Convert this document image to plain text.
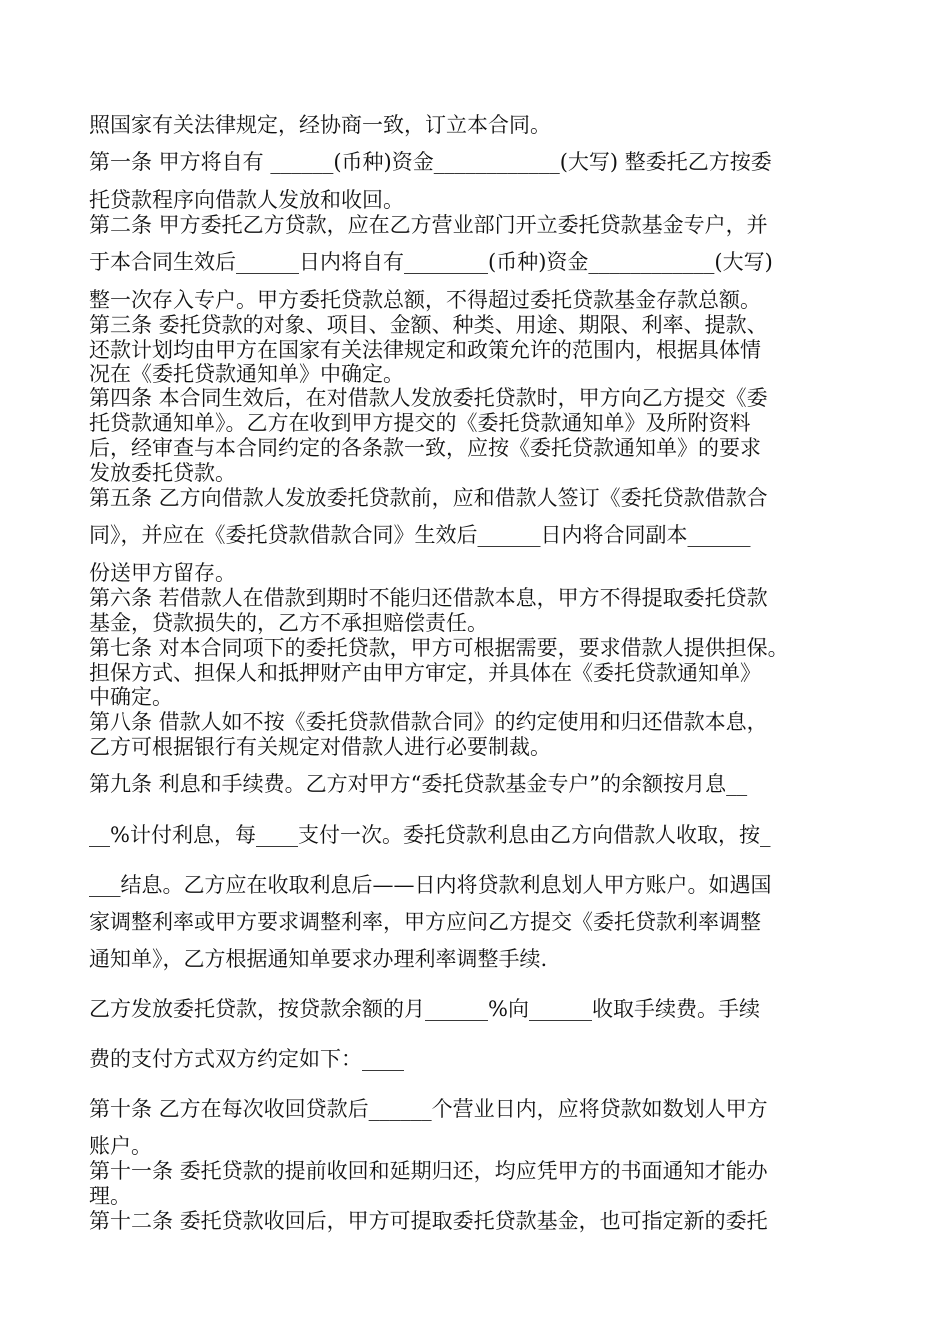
照国家有关法律规定，经协商一致，订立本合同。
第一条 甲方将自有 ______(币种)资金____________(大写) 整委托乙方按委
托贷款程序向借款人发放和收回。
第二条 甲方委托乙方贷款，应在乙方营业部门开立委托贷款基金专户，并
于本合同生效后______日内将自有________(币种)资金____________(大写)
整一次存入专户。甲方委托贷款总额，不得超过委托贷款基金存款总额。
第三条 委托贷款的对象、项目、金额、种类、用途、期限、利率、提款、
还款计划均由甲方在国家有关法律规定和政策允许的范围内，根据具体情
况在《委托贷款通知单》中确定。
第四条 本合同生效后，在对借款人发放委托贷款时，甲方向乙方提交《委
托贷款通知单》。乙方在收到甲方提交的《委托贷款通知单》及所附资料
后，经审查与本合同约定的各条款一致，应按《委托贷款通知单》的要求
发放委托贷款。
第五条 乙方向借款人发放委托贷款前，应和借款人签订《委托贷款借款合
同》，并应在《委托贷款借款合同》生效后______日内将合同副本______
份送甲方留存。
第六条 若借款人在借款到期时不能归还借款本息，甲方不得提取委托贷款
基金，贷款损失的，乙方不承担赔偿责任。
第七条 对本合同项下的委托贷款，甲方可根据需要，要求借款人提供担保。
担保方式、担保人和抵押财产由甲方审定，并具体在《委托贷款通知单》
中确定。
第八条 借款人如不按《委托贷款借款合同》的约定使用和归还借款本息，
乙方可根据银行有关规定对借款人进行必要制裁。
第九条 利息和手续费。乙方对甲方“委托贷款基金专户”的余额按月息__
__%计付利息，每____支付一次。委托贷款利息由乙方向借款人收取，按_
___结息。乙方应在收取利息后——日内将贷款利息划人甲方账户。如遇国
家调整利率或甲方要求调整利率，甲方应问乙方提交《委托贷款利率调整
通知单》，乙方根据通知单要求办理利率调整手续.
乙方发放委托贷款，按贷款余额的月______%向______收取手续费。手续
费的支付方式双方约定如下：____
第十条 乙方在每次收回贷款后______个营业日内，应将贷款如数划人甲方
账户。
第十一条 委托贷款的提前收回和延期归还，均应凭甲方的书面通知才能办
理。
第十二条 委托贷款收回后，甲方可提取委托贷款基金，也可指定新的委托
